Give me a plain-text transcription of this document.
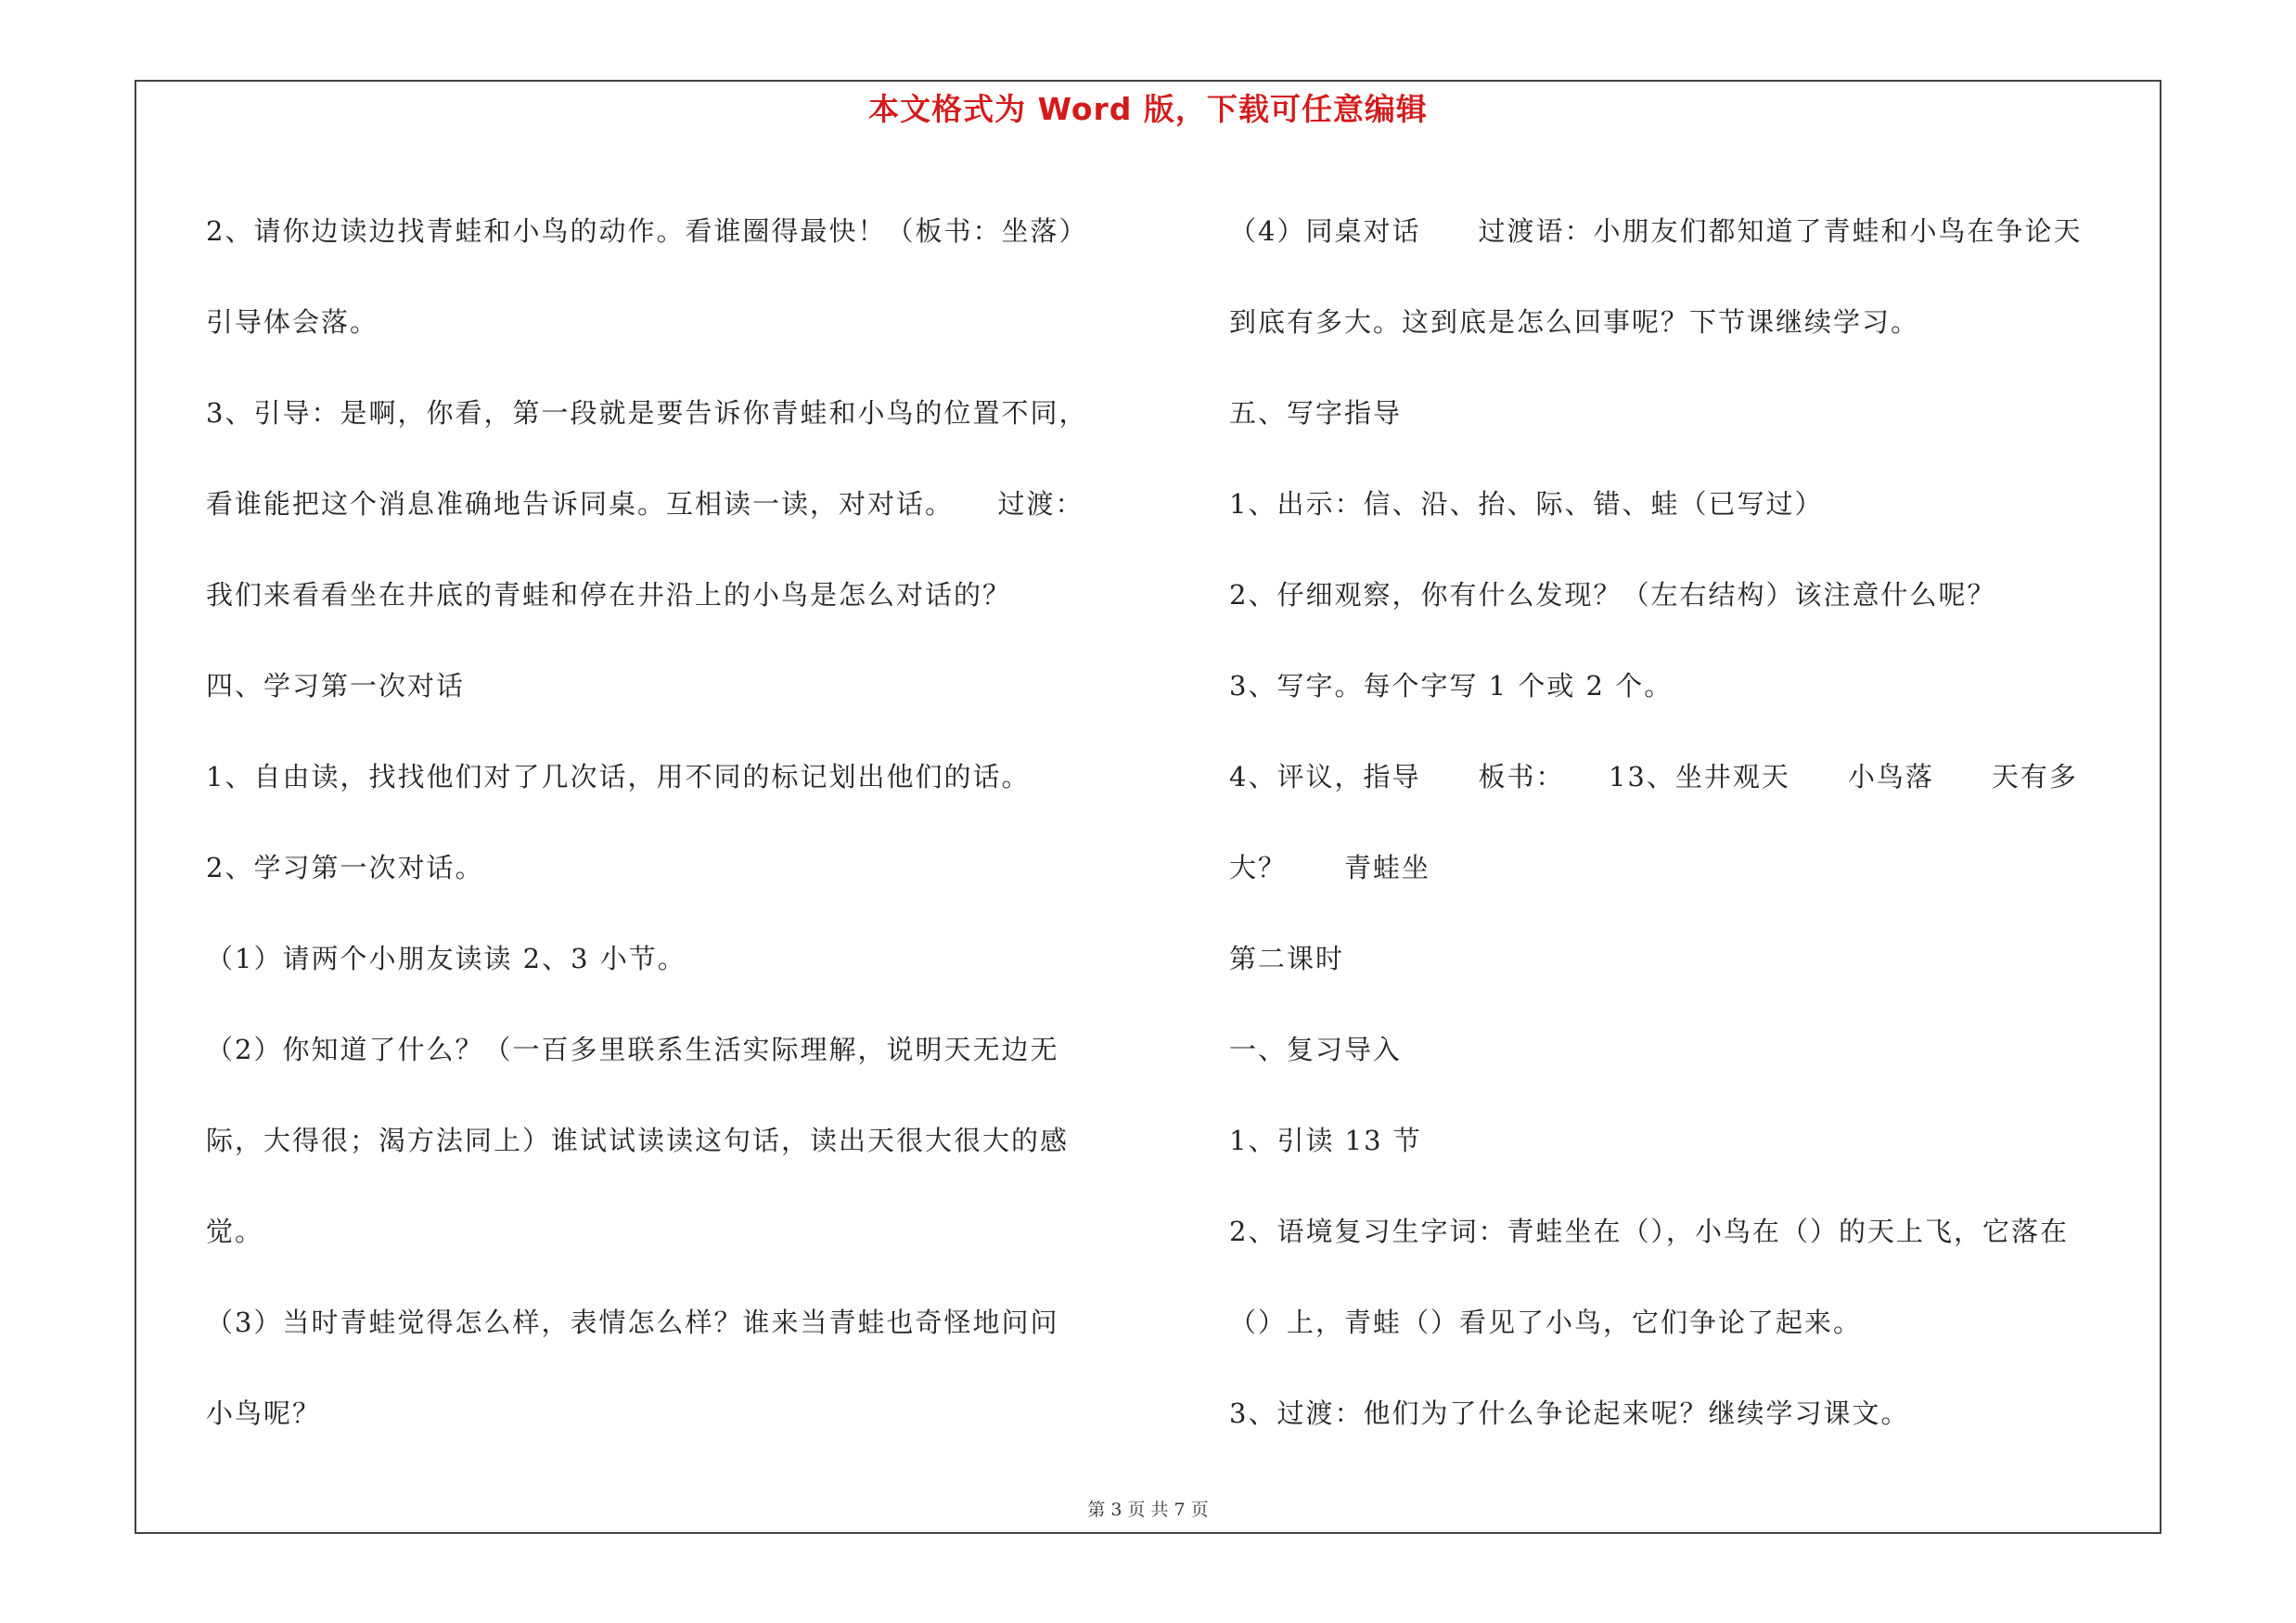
本文格式为 Word 版，下载可任意编辑

2、请你边读边找青蛙和小鸟的动作。看谁圈得最快！（板书：坐落）

引导体会落。

3、引导：是啊，你看，第一段就是要告诉你青蛙和小鸟的位置不同，

看谁能把这个消息准确地告诉同桌。互相读一读，对对话。　　过渡：

我们来看看坐在井底的青蛙和停在井沿上的小鸟是怎么对话的？

四、学习第一次对话

1、自由读，找找他们对了几次话，用不同的标记划出他们的话。

2、学习第一次对话。

（1）请两个小朋友读读 2、3 小节。

（2）你知道了什么？（一百多里联系生活实际理解，说明天无边无

际，大得很；渴方法同上）谁试试读读这句话，读出天很大很大的感

觉。

（3）当时青蛙觉得怎么样，表情怎么样？谁来当青蛙也奇怪地问问

小鸟呢？

（4）同桌对话　　过渡语：小朋友们都知道了青蛙和小鸟在争论天

到底有多大。这到底是怎么回事呢？下节课继续学习。

五、写字指导

1、出示：信、沿、抬、际、错、蛙（已写过）

2、仔细观察，你有什么发现？（左右结构）该注意什么呢？

3、写字。每个字写 1 个或 2 个。

4、评议，指导　　板书：　　13、坐井观天　　小鸟落　　天有多

大？　　青蛙坐

第二课时

一、复习导入

1、引读 13 节

2、语境复习生字词：青蛙坐在（），小鸟在（）的天上飞，它落在

（）上，青蛙（）看见了小鸟，它们争论了起来。

3、过渡：他们为了什么争论起来呢？继续学习课文。

第 3 页 共 7 页
